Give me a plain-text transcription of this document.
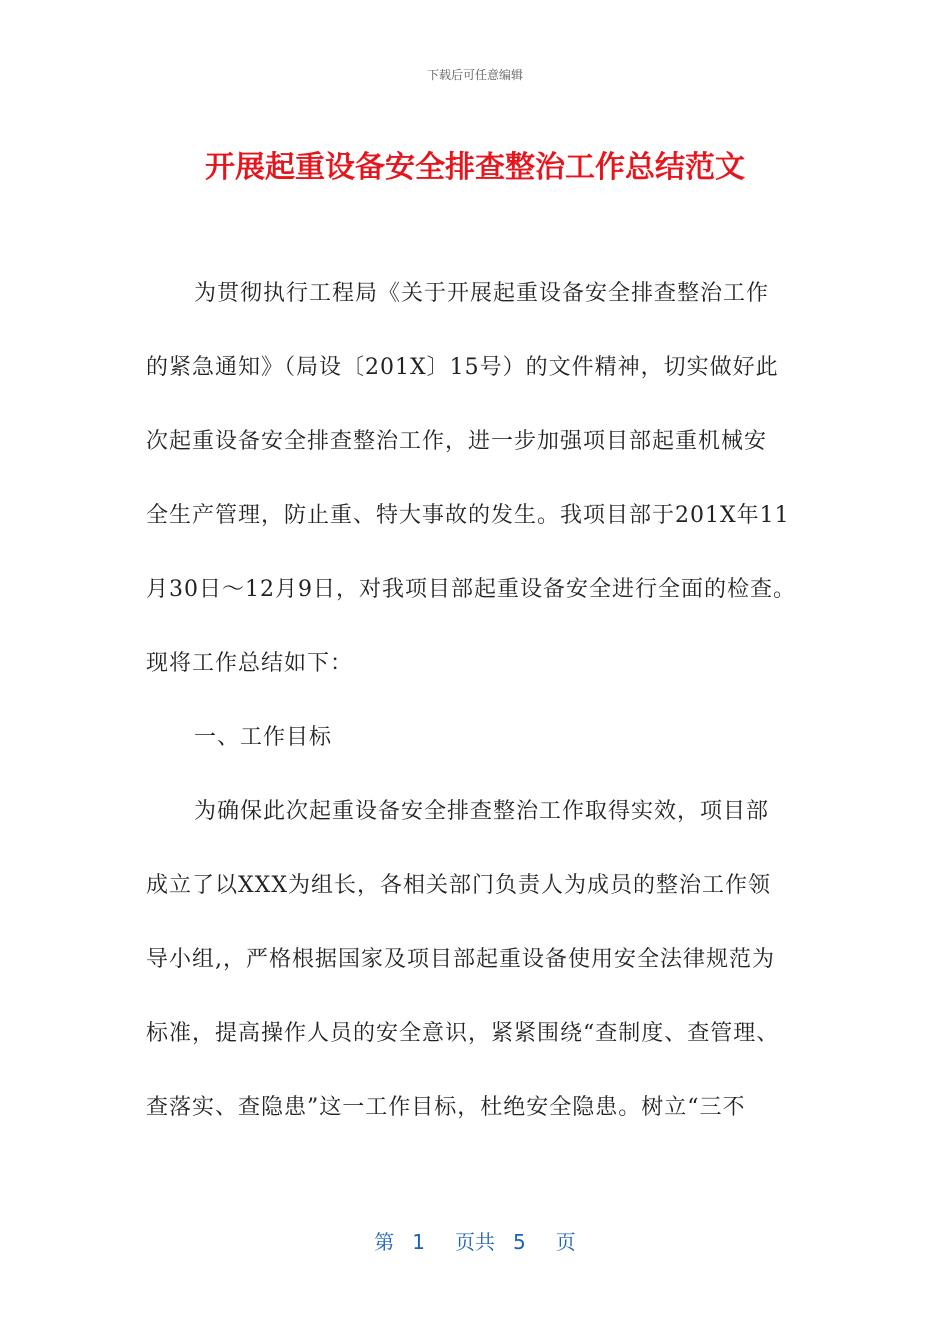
下载后可任意编辑
开展起重设备安全排查整治工作总结范文

为贯彻执行工程局《关于开展起重设备安全排查整治工作

的紧急通知》（局设〔201X〕15号）的文件精神，切实做好此

次起重设备安全排查整治工作，进一步加强项目部起重机械安

全生产管理，防止重、特大事故的发生。我项目部于201X年11

月30日～12月9日，对我项目部起重设备安全进行全面的检查。

现将工作总结如下：

一、工作目标

为确保此次起重设备安全排查整治工作取得实效，项目部

成立了以XXX为组长，各相关部门负责人为成员的整治工作领

导小组,，严格根据国家及项目部起重设备使用安全法律规范为

标准，提高操作人员的安全意识，紧紧围绕“查制度、查管理、

查落实、查隐患”这一工作目标，杜绝安全隐患。树立“三不

第 1 页共 5 页
